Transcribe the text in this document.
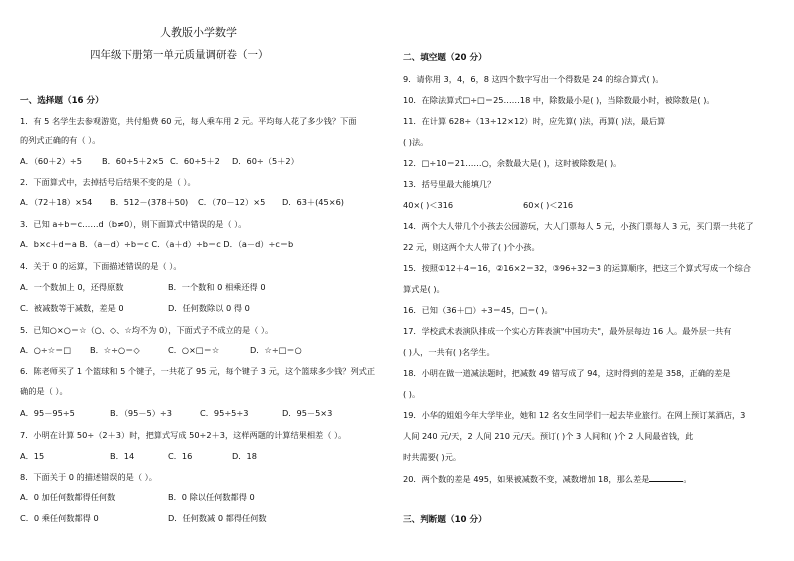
人教版小学数学
四年级下册第一单元质量调研卷（一）
一、选择题（16 分）
1．有 5 名学生去参观游览，共付船费 60 元，每人乘车用 2 元。平均每人花了多少钱？下面
的列式正确的有（ ）。
A．（60＋2）÷5 B．60÷5＋2×5 C．60÷5＋2 D．60÷（5＋2）
2．下面算式中，去掉括号后结果不变的是（ ）。
A．（72＋18）×54 B．512－(378＋50) C．（70－12）×5 D．63＋(45×6)
3．已知 a÷b＝c……d（b≠0），则下面算式中错误的是（ ）。
A．b×c＋d＝a B．（a－d）÷b＝c C．（a＋d）÷b＝c D．（a－d）÷c＝b
4．关于 0 的运算，下面描述错误的是（ ）。
A．一个数加上 0，还得原数	B．一个数和 0 相乘还得 0
C．被减数等于减数，差是 0	D．任何数除以 0 得 0
5．已知○×○＝☆（○、◇、☆均不为 0），下面式子不成立的是（ ）。
A．○÷☆＝□ B．☆÷○＝◇	C．○×□＝☆	D．☆÷□＝○
6．陈老师买了 1 个篮球和 5 个键子，一共花了 95 元，每个键子 3 元，这个篮球多少钱？列式正
确的是（ ）。
A．95－95÷5	B．（95－5）÷3	C．95÷5÷3	D．95－5×3
7．小明在计算 50÷（2＋3）时，把算式写成 50÷2＋3，这样两题的计算结果相差（ ）。
A．15	B．14	C．16	D．18
8．下面关于 0 的描述错误的是（ ）。
A．0 加任何数都得任何数	B．0 除以任何数都得 0
C．0 乘任何数都得 0	D．任何数减 0 都得任何数
二、填空题（20 分）
9．请你用 3，4，6，8 这四个数字写出一个得数是 24 的综合算式( )。
10．在除法算式□÷□＝25……18 中，除数最小是( )，当除数最小时，被除数是( )。
11．在计算 628÷（13÷12×12）时，应先算( )法，再算( )法，最后算
( )法。
12．□÷10＝21……○，余数最大是( )，这时被除数是( )。
13．括号里最大能填几？
40×( )＜316	60×( )＜216
14．两个大人带几个小孩去公园游玩，大人门票每人 5 元，小孩门票每人 3 元，买门票一共花了
22 元，则这两个大人带了( )个小孩。
15．按照①12＋4＝16，②16×2＝32，③96÷32＝3 的运算顺序，把这三个算式写成一个综合
算式是( )。
16．已知（36＋□）÷3＝45，□＝( )。
17．学校武术表演队排成一个实心方阵表演"中国功夫"，最外层每边 16 人。最外层一共有
( )人，一共有( )名学生。
18．小明在做一道减法题时，把减数 49 错写成了 94，这时得到的差是 358，正确的差是
( )。
19．小华的姐姐今年大学毕业，她和 12 名女生同学们一起去毕业旅行。在网上预订某酒店，3
人间 240 元/天，2 人间 210 元/天。预订( )个 3 人间和( )个 2 人间最省钱，此
时共需要( )元。
20．两个数的差是 495，如果被减数不变，减数增加 18，那么差是	。
三、判断题（10 分）
